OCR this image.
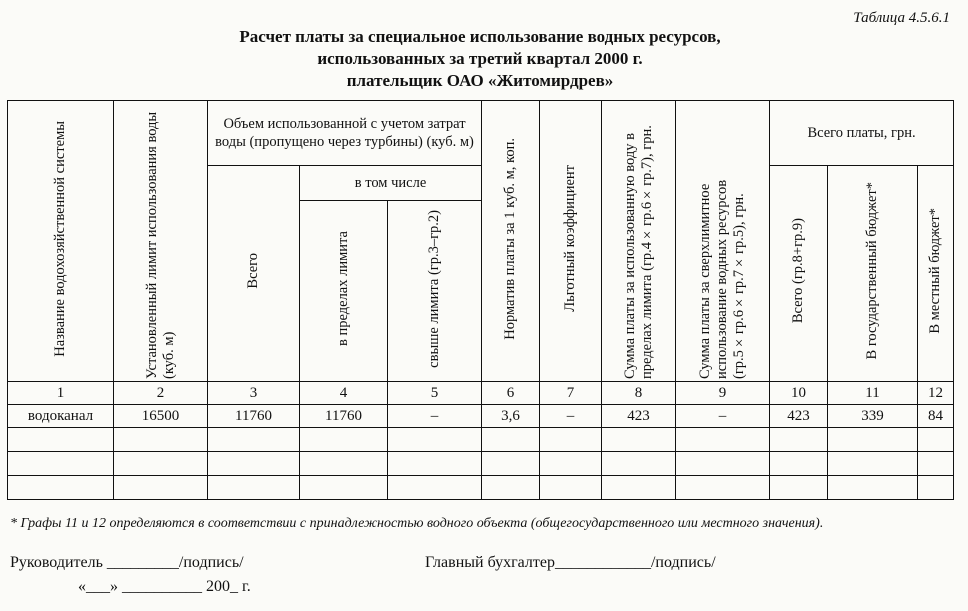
Таблица 4.5.6.1
Расчет платы за специальное использование водных ресурсов,
использованных за третий квартал 2000 г.
плательщик ОАО «Житомирдрев»
Название водохозяйственной системы	Установленный лимит использования воды (куб. м)	Объем использованной с учетом затрат воды (пропущено через турбины) (куб. м)			Норматив платы за 1 куб. м, коп.	Льготный коэффициент	Сумма платы за использованную воду в пределах лимита (гр.4×гр.6×гр.7), грн.	Сумма платы за сверхлимитное использование водных ресурсов (гр.5×гр.6×гр.7×гр.5), грн.	Всего платы, грн.		
		Всего	в том числе						Всего (гр.8+гр.9)	В государственный бюджет*	В местный бюджет*
			в пределах лимита	свыше лимита (гр.3–гр.2)							
1	2	3	4	5	6	7	8	9	10	11	12
водоканал	16500	11760	11760	–	3,6	–	423	–	423	339	84

* Графы 11 и 12 определяются в соответствии с принадлежностью водного объекта (общегосударственного или местного значения).
Руководитель _________/подпись/	Главный бухгалтер____________/подпись/
«___» __________ 200_ г.
